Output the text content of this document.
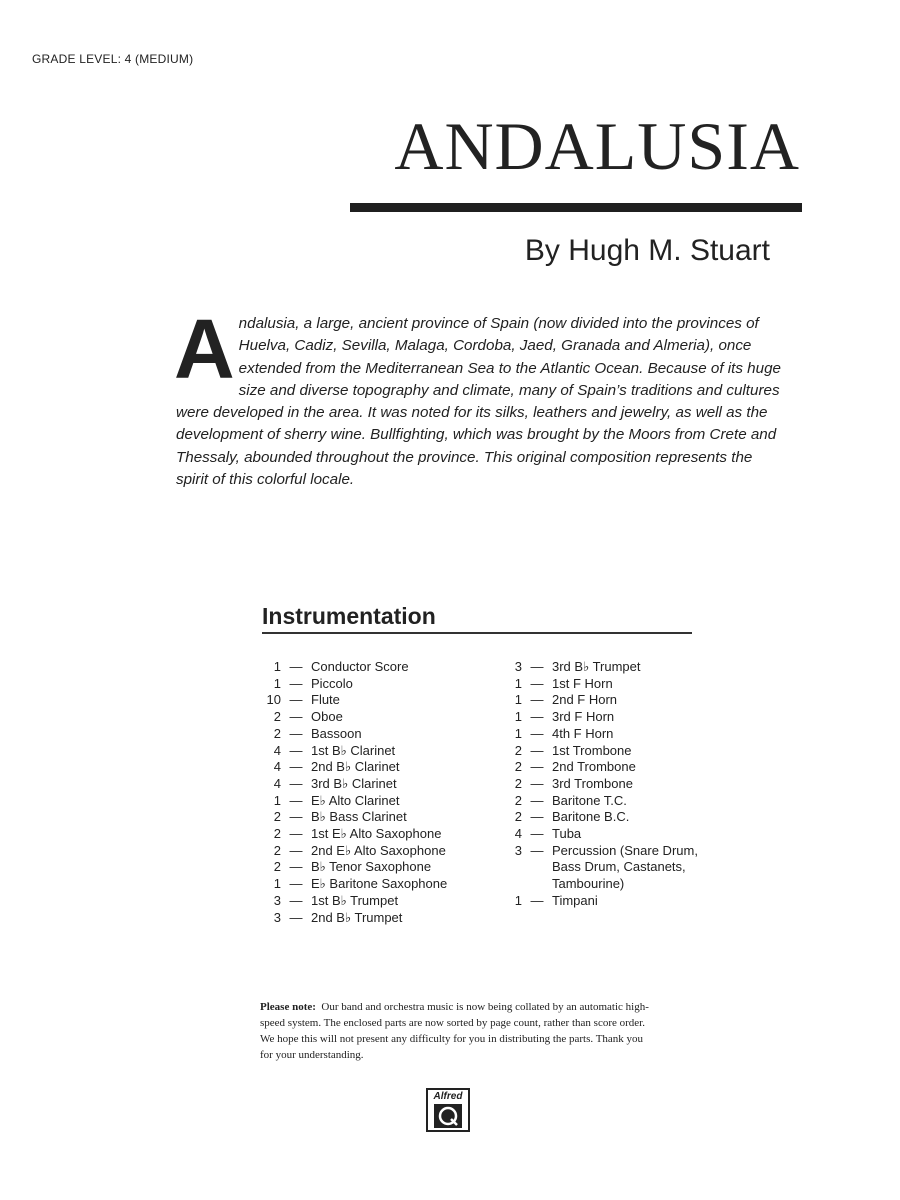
GRADE LEVEL: 4 (MEDIUM)
ANDALUSIA
By Hugh M. Stuart
Andalusia, a large, ancient province of Spain (now divided into the provinces of Huelva, Cadiz, Sevilla, Malaga, Cordoba, Jaed, Granada and Almeria), once extended from the Mediterranean Sea to the Atlantic Ocean. Because of its huge size and diverse topography and climate, many of Spain’s traditions and cultures were developed in the area. It was noted for its silks, leathers and jewelry, as well as the development of sherry wine. Bullfighting, which was brought by the Moors from Crete and Thessaly, abounded throughout the province. This original composition represents the spirit of this colorful locale.
Instrumentation
1 — Conductor Score
1 — Piccolo
10 — Flute
2 — Oboe
2 — Bassoon
4 — 1st B♭ Clarinet
4 — 2nd B♭ Clarinet
4 — 3rd B♭ Clarinet
1 — E♭ Alto Clarinet
2 — B♭ Bass Clarinet
2 — 1st E♭ Alto Saxophone
2 — 2nd E♭ Alto Saxophone
2 — B♭ Tenor Saxophone
1 — E♭ Baritone Saxophone
3 — 1st B♭ Trumpet
3 — 2nd B♭ Trumpet
3 — 3rd B♭ Trumpet
1 — 1st F Horn
1 — 2nd F Horn
1 — 3rd F Horn
1 — 4th F Horn
2 — 1st Trombone
2 — 2nd Trombone
2 — 3rd Trombone
2 — Baritone T.C.
2 — Baritone B.C.
4 — Tuba
3 — Percussion (Snare Drum,
Bass Drum, Castanets,
Tambourine)
1 — Timpani
Please note: Our band and orchestra music is now being collated by an automatic high-speed system. The enclosed parts are now sorted by page count, rather than score order. We hope this will not present any difficulty for you in distributing the parts. Thank you for your understanding.
Alfred
